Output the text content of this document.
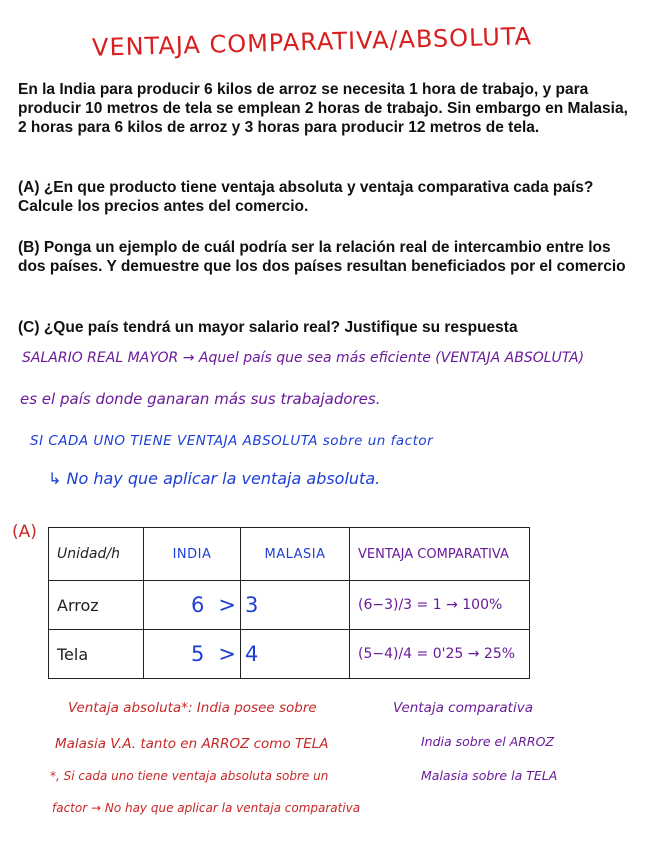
VENTAJA COMPARATIVA/ABSOLUTA
En la India para producir 6 kilos de arroz se necesita 1 hora de trabajo, y para producir 10 metros de tela se emplean 2 horas de trabajo. Sin embargo en Malasia, 2 horas para 6 kilos de arroz y 3 horas para producir 12 metros de tela.
(A) ¿En que producto tiene ventaja absoluta y ventaja comparativa cada país? Calcule los precios antes del comercio.
(B) Ponga un ejemplo de cuál podría ser la relación real de intercambio entre los dos países. Y demuestre que los dos países resultan beneficiados por el comercio
(C) ¿Que país tendrá un mayor salario real? Justifique su respuesta
SALARIO REAL MAYOR → Aquel país que sea más eficiente (VENTAJA ABSOLUTA)
es el país donde ganaran más sus trabajadores.
SI CADA UNO TIENE VENTAJA ABSOLUTA sobre un factor
↳ No hay que aplicar la ventaja absoluta.
(A)
Unidad/h	INDIA	MALASIA	VENTAJA COMPARATIVA
Arroz	6 >	3	(6−3)/3 = 1 → 100%
Tela	5 >	4	(5−4)/4 = 0'25 → 25%
Ventaja absoluta*: India posee sobre
Malasia V.A. tanto en ARROZ como TELA
*, Si cada uno tiene ventaja absoluta sobre un
factor → No hay que aplicar la ventaja comparativa
Ventaja comparativa
India sobre el ARROZ
Malasia sobre la TELA
